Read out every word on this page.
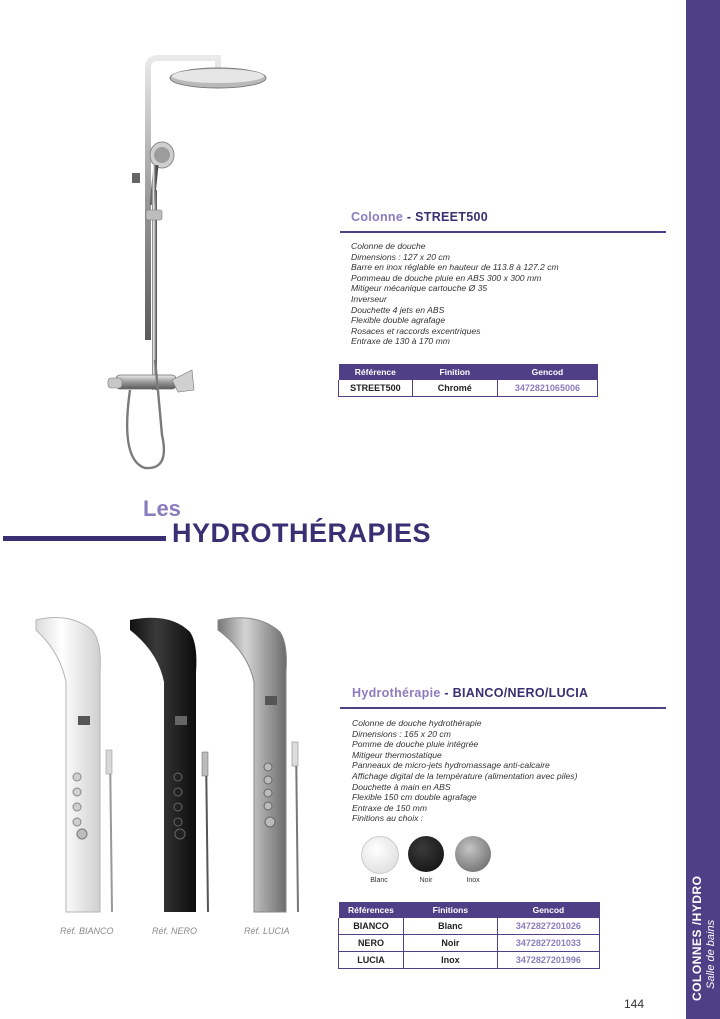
COLONNES /HYDRO Salle de bains
Colonne - STREET500
Colonne de douche
Dimensions : 127 x 20 cm
Barre en inox réglable en hauteur de 113.8 à 127.2 cm
Pommeau de douche pluie en ABS 300 x 300 mm
Mitigeur mécanique cartouche Ø 35
Inverseur
Douchette 4 jets en ABS
Flexible double agrafage
Rosaces et raccords excentriques
Entraxe de 130 à 170 mm
Référence	Finition	Gencod
STREET500	Chromé	3472821065006
Les
HYDROTHÉRAPIES
Réf. BIANCO	Réf. NERO	Réf. LUCIA
Hydrothérapie - BIANCO/NERO/LUCIA
Colonne de douche hydrothérapie
Dimensions : 165 x 20 cm
Pomme de douche pluie intégrée
Mitigeur thermostatique
Panneaux de micro-jets hydromassage anti-calcaire
Affichage digital de la température (alimentation avec piles)
Douchette à main en ABS
Flexible 150 cm double agrafage
Entraxe de 150 mm
Finitions au choix :
Blanc	Noir	Inox
Références	Finitions	Gencod
BIANCO	Blanc	3472827201026
NERO	Noir	3472827201033
LUCIA	Inox	3472827201996
144
